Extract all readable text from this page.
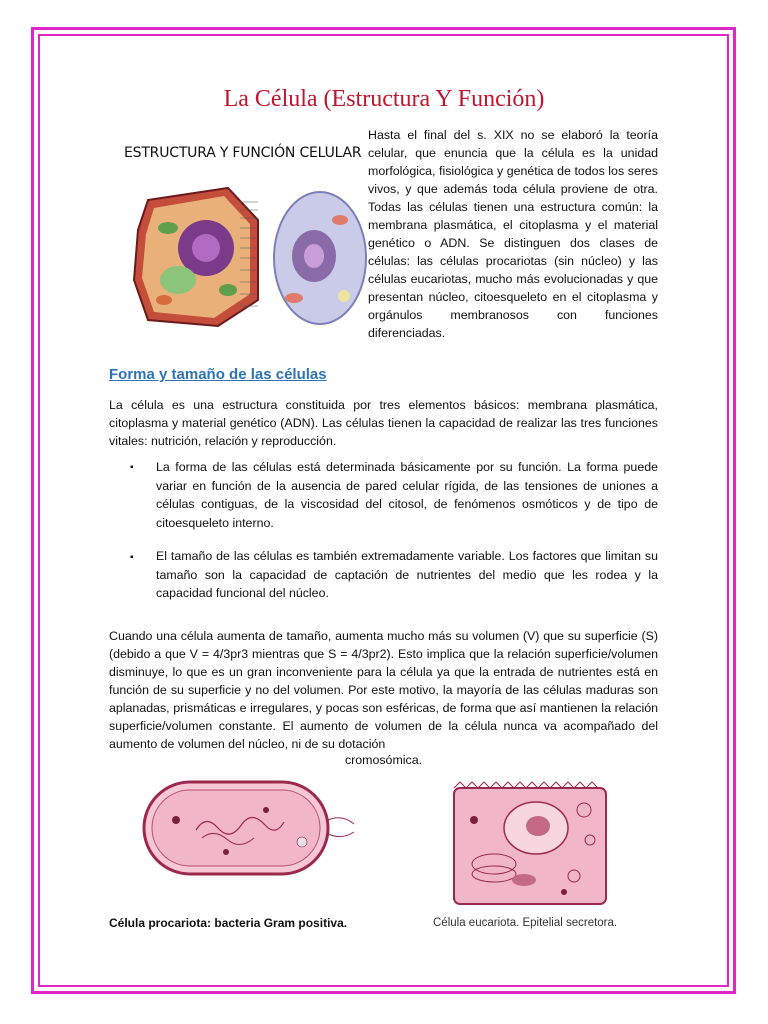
La Célula (Estructura Y Función)
ESTRUCTURA Y FUNCIÓN CELULAR
Hasta el final del s. XIX no se elaboró la teoría celular, que enuncia que la célula es la unidad morfológica, fisiológica y genética de todos los seres vivos, y que además toda célula proviene de otra. Todas las células tienen una estructura común: la membrana plasmática, el citoplasma y el material genético o ADN. Se distinguen dos clases de células: las células procariotas (sin núcleo) y las células eucariotas, mucho más evolucionadas y que presentan núcleo, citoesqueleto en el citoplasma y orgánulos membranosos con funciones diferenciadas.
Forma y tamaño de las células
La célula es una estructura constituida por tres elementos básicos: membrana plasmática, citoplasma y material genético (ADN). Las células tienen la capacidad de realizar las tres funciones vitales: nutrición, relación y reproducción.
▪ La forma de las células está determinada básicamente por su función. La forma puede variar en función de la ausencia de pared celular rígida, de las tensiones de uniones a células contiguas, de la viscosidad del citosol, de fenómenos osmóticos y de tipo de citoesqueleto interno.
▪ El tamaño de las células es también extremadamente variable. Los factores que limitan su tamaño son la capacidad de captación de nutrientes del medio que les rodea y la capacidad funcional del núcleo.
Cuando una célula aumenta de tamaño, aumenta mucho más su volumen (V) que su superficie (S) (debido a que V = 4/3pr3 mientras que S = 4/3pr2). Esto implica que la relación superficie/volumen disminuye, lo que es un gran inconveniente para la célula ya que la entrada de nutrientes está en función de su superficie y no del volumen. Por este motivo, la mayoría de las células maduras son aplanadas, prismáticas e irregulares, y pocas son esféricas, de forma que así mantienen la relación superficie/volumen constante. El aumento de volumen de la célula nunca va acompañado del aumento de volumen del núcleo, ni de su dotación
cromosómica.
Célula procariota: bacteria Gram positiva.	Célula eucariota. Epitelial secretora.
